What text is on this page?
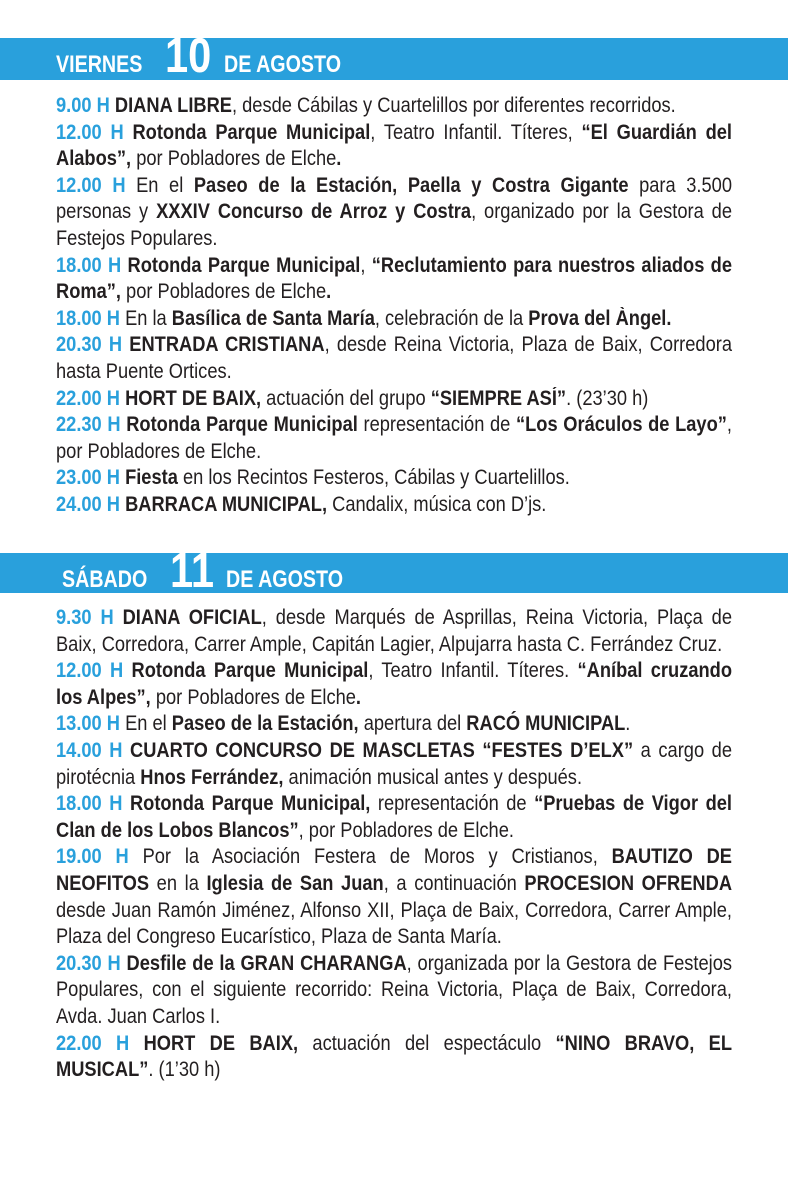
VIERNES 10 DE AGOSTO

9.00 H DIANA LIBRE, desde Cábilas y Cuartelillos por diferentes recorridos.

12.00 H Rotonda Parque Municipal, Teatro Infantil. Títeres, “El Guardián del Alabos”, por Pobladores de Elche.

12.00 H En el Paseo de la Estación, Paella y Costra Gigante para 3.500 personas y XXXIV Concurso de Arroz y Costra, organizado por la Gestora de Festejos Populares.

18.00 H Rotonda Parque Municipal, “Reclutamiento para nuestros aliados de Roma”, por Pobladores de Elche.

18.00 H En la Basílica de Santa María, celebración de la Prova del Àngel.

20.30 H ENTRADA CRISTIANA, desde Reina Victoria, Plaza de Baix, Corredora hasta Puente Ortices.

22.00 H HORT DE BAIX, actuación del grupo “SIEMPRE ASÍ”. (23’30 h)

22.30 H Rotonda Parque Municipal representación de “Los Oráculos de Layo”, por Pobladores de Elche.

23.00 H Fiesta en los Recintos Festeros, Cábilas y Cuartelillos.

24.00 H BARRACA MUNICIPAL, Candalix, música con D’js.

SÁBADO 11 DE AGOSTO

9.30 H DIANA OFICIAL, desde Marqués de Asprillas, Reina Victoria, Plaça de Baix, Corredora, Carrer Ample, Capitán Lagier, Alpujarra hasta C. Ferrández Cruz.

12.00 H Rotonda Parque Municipal, Teatro Infantil. Títeres. “Aníbal cruzando los Alpes”, por Pobladores de Elche.

13.00 H En el Paseo de la Estación, apertura del RACÓ MUNICIPAL.

14.00 H CUARTO CONCURSO DE MASCLETAS “FESTES D’ELX” a cargo de pirotécnia Hnos Ferrández, animación musical antes y después.

18.00 H Rotonda Parque Municipal, representación de “Pruebas de Vigor del Clan de los Lobos Blancos”, por Pobladores de Elche.

19.00 H Por la Asociación Festera de Moros y Cristianos, BAUTIZO DE NEOFITOS en la Iglesia de San Juan, a continuación PROCESION OFRENDA desde Juan Ramón Jiménez, Alfonso XII, Plaça de Baix, Corredora, Carrer Ample, Plaza del Congreso Eucarístico, Plaza de Santa María.

20.30 H Desfile de la GRAN CHARANGA, organizada por la Gestora de Festejos Populares, con el siguiente recorrido: Reina Victoria, Plaça de Baix, Corredora, Avda. Juan Carlos I.

22.00 H HORT DE BAIX, actuación del espectáculo “NINO BRAVO, EL MUSICAL”. (1’30 h)
